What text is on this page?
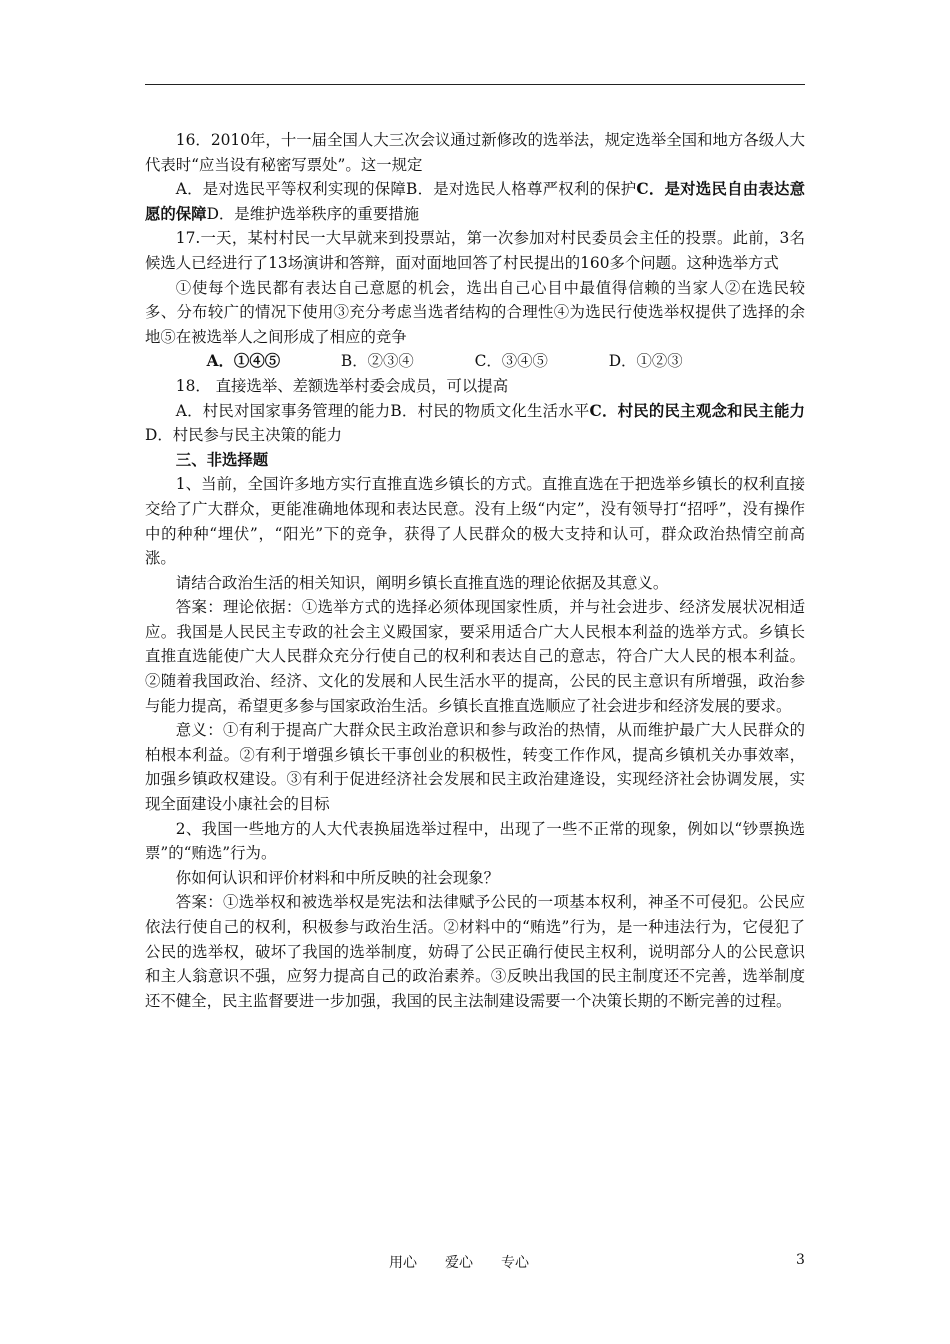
16．2010年，十一届全国人大三次会议通过新修改的选举法，规定选举全国和地方各级人大代表时“应当设有秘密写票处”。这一规定

A．是对选民平等权利实现的保障B．是对选民人格尊严权利的保护C．是对选民自由表达意愿的保障D．是维护选举秩序的重要措施

17.一天，某村村民一大早就来到投票站，第一次参加对村民委员会主任的投票。此前，3名候选人已经进行了13场演讲和答辩，面对面地回答了村民提出的160多个问题。这种选举方式

①使每个选民都有表达自己意愿的机会，选出自己心目中最值得信赖的当家人②在选民较多、分布较广的情况下使用③充分考虑当选者结构的合理性④为选民行使选举权提供了选择的余地⑤在被选举人之间形成了相应的竞争

A．①④⑤	B．②③④	C．③④⑤	D．①②③

18． 直接选举、差额选举村委会成员，可以提高

A．村民对国家事务管理的能力B．村民的物质文化生活水平C．村民的民主观念和民主能力D．村民参与民主决策的能力

三、非选择题

1、当前，全国许多地方实行直推直选乡镇长的方式。直推直选在于把选举乡镇长的权利直接交给了广大群众，更能准确地体现和表达民意。没有上级“内定”，没有领导打“招呼”，没有操作中的种种“埋伏”，“阳光”下的竞争，获得了人民群众的极大支持和认可，群众政治热情空前高涨。

请结合政治生活的相关知识，阐明乡镇长直推直选的理论依据及其意义。

答案：理论依据：①选举方式的选择必须体现国家性质，并与社会进步、经济发展状况相适应。我国是人民民主专政的社会主义殿国家，要采用适合广大人民根本利益的选举方式。乡镇长直推直选能使广大人民群众充分行使自己的权利和表达自己的意志，符合广大人民的根本利益。②随着我国政治、经济、文化的发展和人民生活水平的提高，公民的民主意识有所增强，政治参与能力提高，希望更多参与国家政治生活。乡镇长直推直选顺应了社会进步和经济发展的要求。

意义：①有利于提高广大群众民主政治意识和参与政治的热情，从而维护最广大人民群众的柏根本利益。②有利于增强乡镇长干事创业的积极性，转变工作作风，提高乡镇机关办事效率，加强乡镇政权建设。③有利于促进经济社会发展和民主政治建逄设，实现经济社会协调发展，实现全面建设小康社会的目标

2、我国一些地方的人大代表换届选举过程中，出现了一些不正常的现象，例如以“钞票换选票”的“贿选”行为。

你如何认识和评价材料和中所反映的社会现象？

答案：①选举权和被选举权是宪法和法律赋予公民的一项基本权利，神圣不可侵犯。公民应依法行使自己的权利，积极参与政治生活。②材料中的“贿选”行为，是一种违法行为，它侵犯了公民的选举权，破坏了我国的选举制度，妨碍了公民正确行使民主权利，说明部分人的公民意识和主人翁意识不强，应努力提高自己的政治素养。③反映出我国的民主制度还不完善，选举制度还不健全，民主监督要进一步加强，我国的民主法制建设需要一个决策长期的不断完善的过程。

用心 爱心 专心	3
